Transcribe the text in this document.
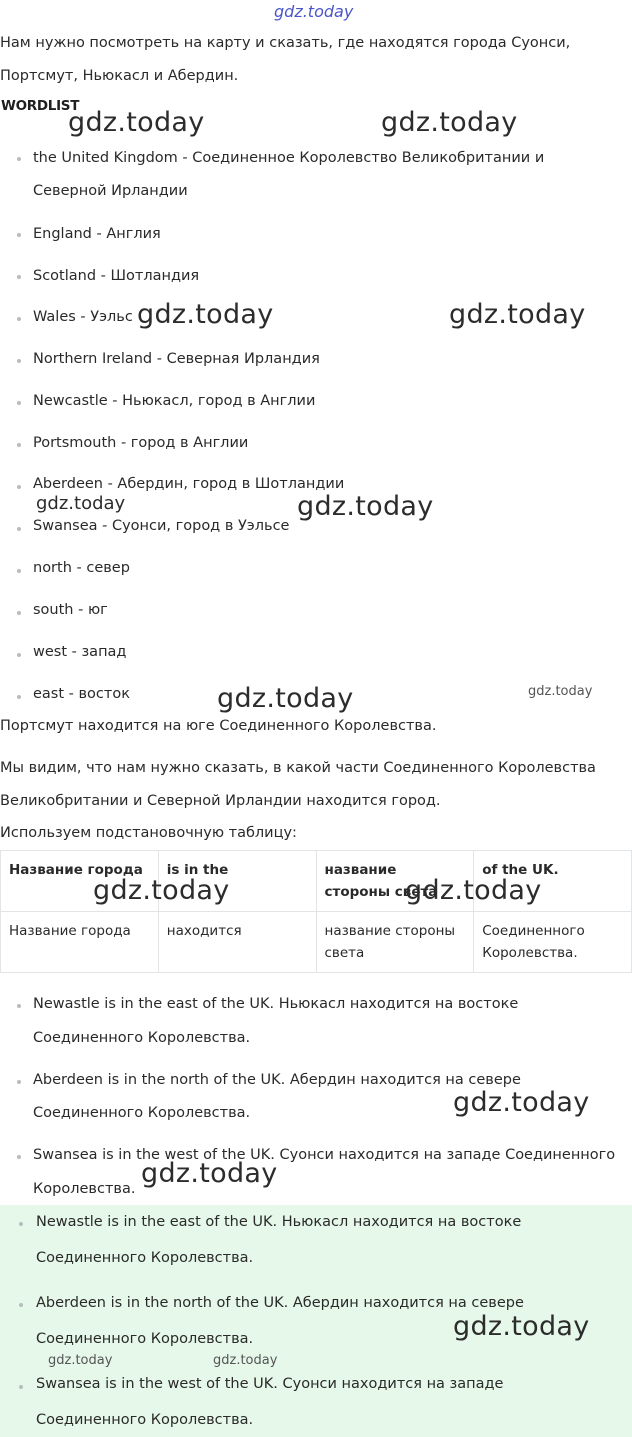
gdz.today
Нам нужно посмотреть на карту и сказать, где находятся города Суонси,
Портсмут, Ньюкасл и Абердин.
WORDLIST
the United Kingdom - Соединенное Королевство Великобритании и
Северной Ирландии
England - Англия
Scotland - Шотландия
Wales - Уэльс
Northern Ireland - Северная Ирландия
Newcastle - Ньюкасл, город в Англии
Portsmouth - город в Англии
Aberdeen - Абердин, город в Шотландии
Swansea - Суонси, город в Уэльсе
north - север
south - юг
west - запад
east - восток
Портсмут находится на юге Соединенного Королевства.
Мы видим, что нам нужно сказать, в какой части Соединенного Королевства
Великобритании и Северной Ирландии находится город.
Используем подстановочную таблицу:
Название города	is in the	название стороны света	of the UK.
Название города	находится	название стороны света	Соединенного Королевства.
Newastle is in the east of the UK. Ньюкасл находится на востоке
Соединенного Королевства.
Aberdeen is in the north of the UK. Абердин находится на севере
Соединенного Королевства.
Swansea is in the west of the UK. Суонси находится на западе Соединенного
Королевства.
Newastle is in the east of the UK. Ньюкасл находится на востоке
Соединенного Королевства.
Aberdeen is in the north of the UK. Абердин находится на севере
Соединенного Королевства.
Swansea is in the west of the UK. Суонси находится на западе
Соединенного Королевства.
gdz.today	gdz.today
gdz.today	gdz.today
gdz.today	gdz.today
gdz.today	gdz.today
gdz.today	gdz.today
gdz.today
gdz.today
gdz.today
gdz.today	gdz.today
